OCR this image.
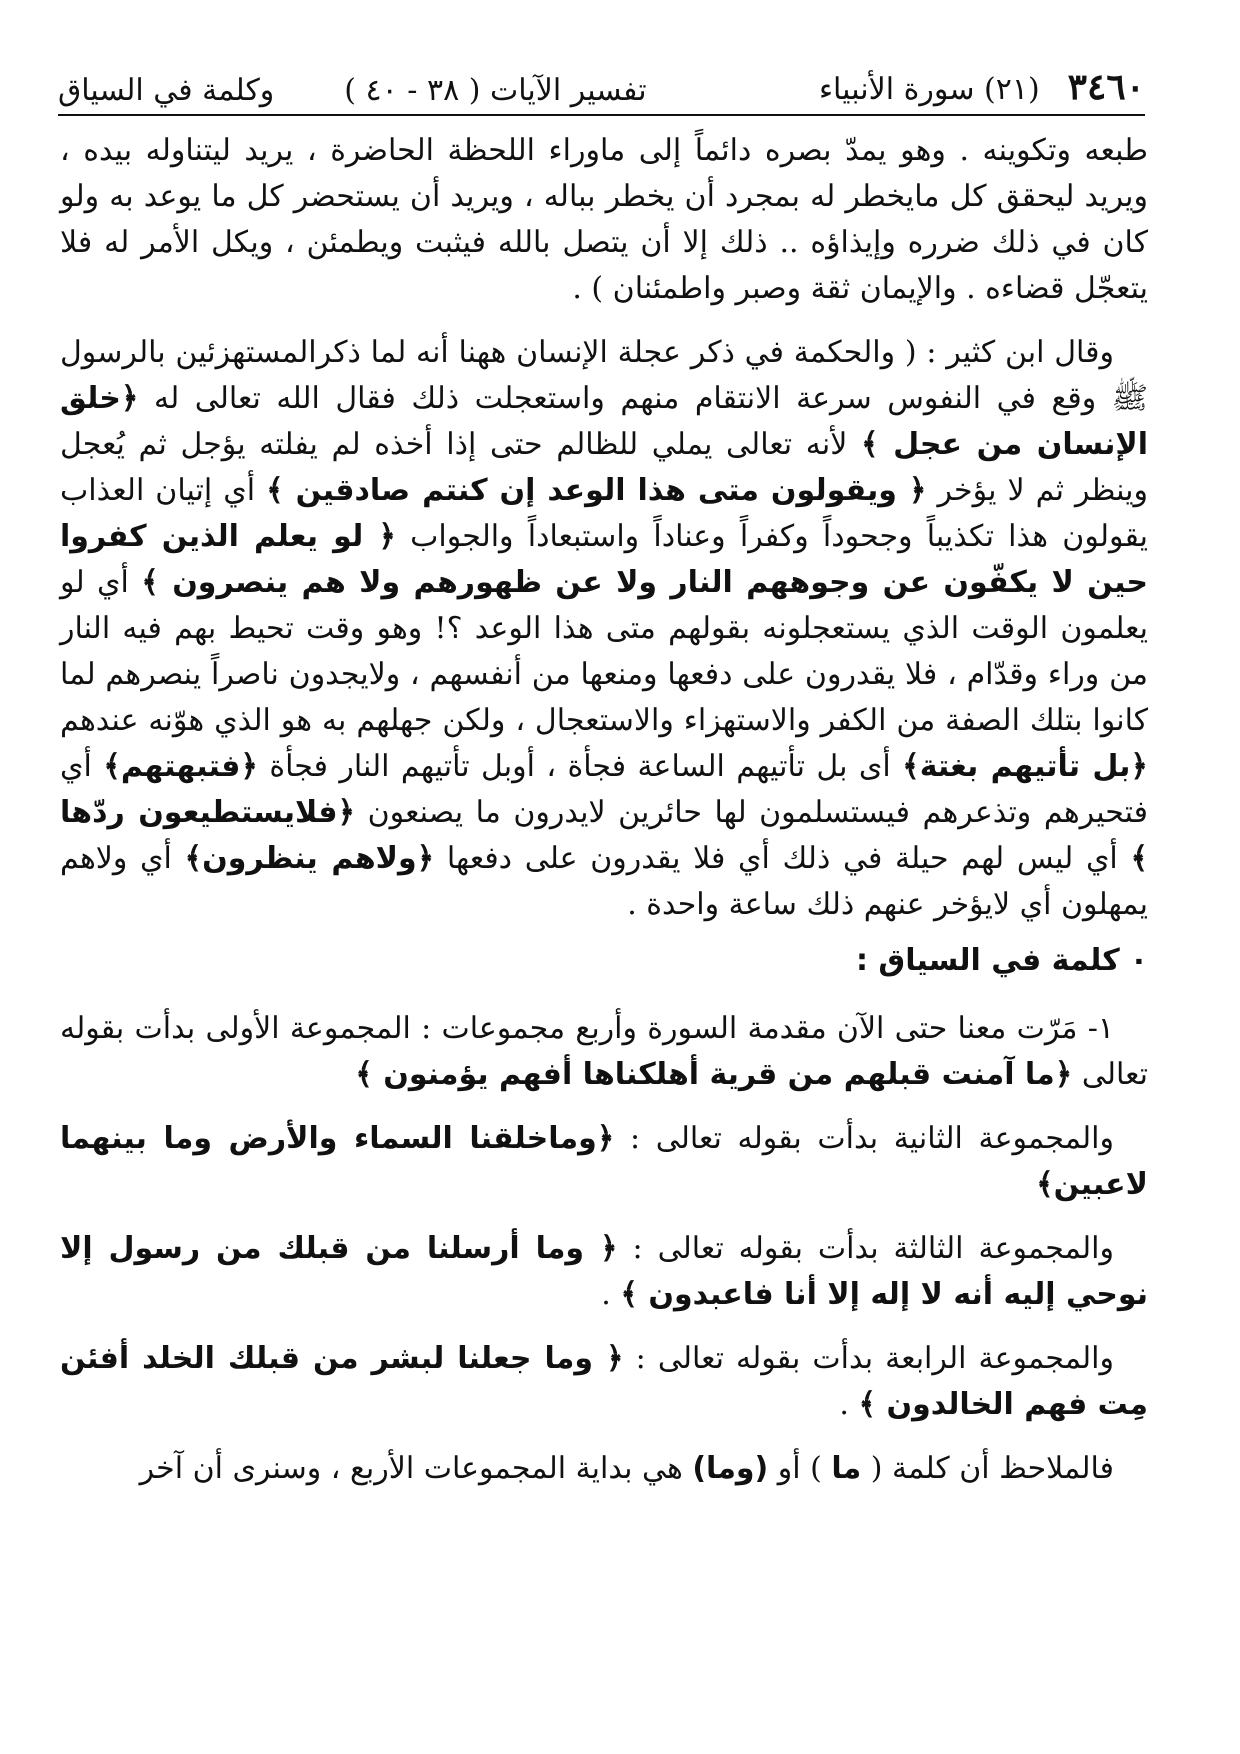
٣٤٦٠
(٢١) سورة الأنبياء
تفسير الآيات ( ٣٨ - ٤٠ )
وكلمة في السياق

طبعه وتكوينه . وهو يمدّ بصره دائماً إلى ماوراء اللحظة الحاضرة ، يريد ليتناوله بيده ، ويريد ليحقق كل مايخطر له بمجرد أن يخطر بباله ، ويريد أن يستحضر كل ما يوعد به ولو كان في ذلك ضرره وإيذاؤه .. ذلك إلا أن يتصل بالله فيثبت ويطمئن ، ويكل الأمر له فلا يتعجّل قضاءه . والإيمان ثقة وصبر واطمئنان ) .

وقال ابن كثير : ( والحكمة في ذكر عجلة الإنسان ههنا أنه لما ذكرالمستهزئين بالرسول ﷺ وقع في النفوس سرعة الانتقام منهم واستعجلت ذلك فقال الله تعالى له ﴿خلق الإنسان من عجل ﴾ لأنه تعالى يملي للظالم حتى إذا أخذه لم يفلته يؤجل ثم يُعجل وينظر ثم لا يؤخر ﴿ ويقولون متى هذا الوعد إن كنتم صادقين ﴾ أي إتيان العذاب يقولون هذا تكذيباً وجحوداً وكفراً وعناداً واستبعاداً والجواب ﴿ لو يعلم الذين كفروا حين لا يكفّون عن وجوههم النار ولا عن ظهورهم ولا هم ينصرون ﴾ أي لو يعلمون الوقت الذي يستعجلونه بقولهم متى هذا الوعد ؟! وهو وقت تحيط بهم فيه النار من وراء وقدّام ، فلا يقدرون على دفعها ومنعها من أنفسهم ، ولايجدون ناصراً ينصرهم لما كانوا بتلك الصفة من الكفر والاستهزاء والاستعجال ، ولكن جهلهم به هو الذي هوّنه عندهم ﴿بل تأتيهم بغتة﴾ أى بل تأتيهم الساعة فجأة ، أوبل تأتيهم النار فجأة ﴿فتبهتهم﴾ أي فتحيرهم وتذعرهم فيستسلمون لها حائرين لايدرون ما يصنعون ﴿فلايستطيعون ردّها ﴾ أي ليس لهم حيلة في ذلك أي فلا يقدرون على دفعها ﴿ولاهم ينظرون﴾ أي ولاهم يمهلون أي لايؤخر عنهم ذلك ساعة واحدة .

٠كلمة في السياق :

١- مَرّت معنا حتى الآن مقدمة السورة وأربع مجموعات : المجموعة الأولى بدأت بقوله تعالى ﴿ما آمنت قبلهم من قرية أهلكناها أفهم يؤمنون ﴾

والمجموعة الثانية بدأت بقوله تعالى : ﴿وماخلقنا السماء والأرض وما بينهما لاعبين﴾

والمجموعة الثالثة بدأت بقوله تعالى : ﴿ وما أرسلنا من قبلك من رسول إلا نوحي إليه أنه لا إله إلا أنا فاعبدون ﴾ .

والمجموعة الرابعة بدأت بقوله تعالى : ﴿ وما جعلنا لبشر من قبلك الخلد أفئن مِت فهم الخالدون ﴾ .

فالملاحظ أن كلمة ( ما ) أو (وما) هي بداية المجموعات الأربع ، وسنرى أن آخر
